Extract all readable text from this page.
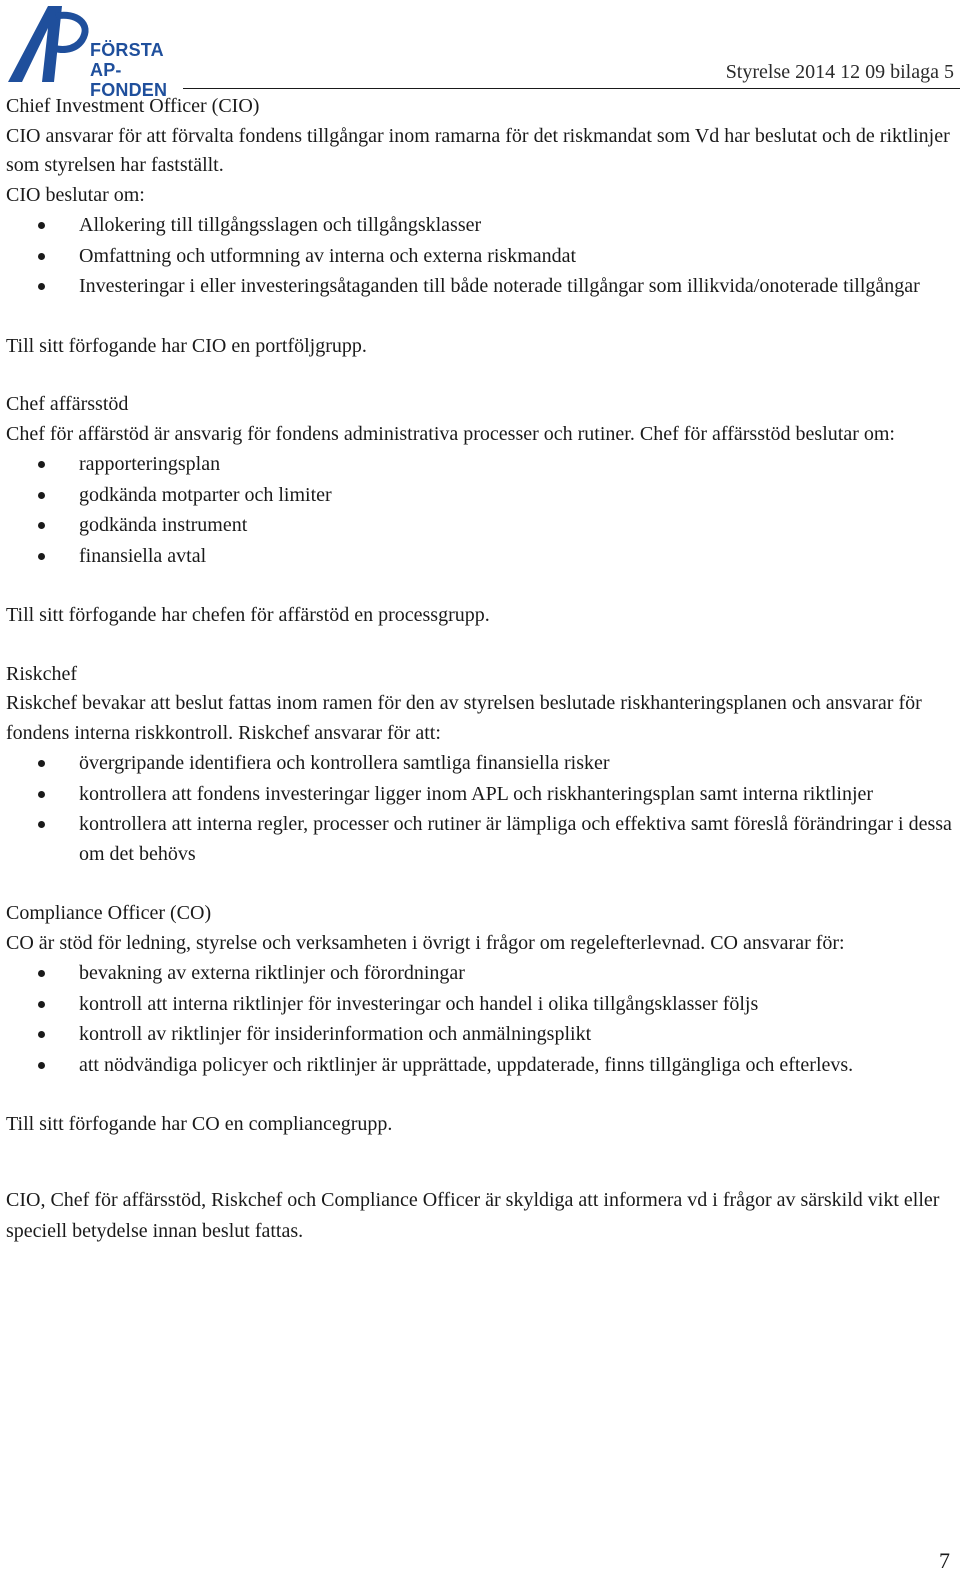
FÖRSTA
AP-FONDEN
Styrelse 2014 12 09 bilaga 5

Chief Investment Officer (CIO)

CIO ansvarar för att förvalta fondens tillgångar inom ramarna för det riskmandat som Vd har beslutat och de riktlinjer som styrelsen har fastställt.

CIO beslutar om:

Allokering till tillgångsslagen och tillgångsklasser
Omfattning och utformning av interna och externa riskmandat
Investeringar i eller investeringsåtaganden till både noterade tillgångar som illikvida/onoterade tillgångar

Till sitt förfogande har CIO en portföljgrupp.

Chef affärsstöd

Chef för affärstöd är ansvarig för fondens administrativa processer och rutiner. Chef för affärsstöd beslutar om:

rapporteringsplan
godkända motparter och limiter
godkända instrument
finansiella avtal

Till sitt förfogande har chefen för affärstöd en processgrupp.

Riskchef

Riskchef bevakar att beslut fattas inom ramen för den av styrelsen beslutade riskhanteringsplanen och ansvarar för fondens interna riskkontroll. Riskchef ansvarar för att:

övergripande identifiera och kontrollera samtliga finansiella risker
kontrollera att fondens investeringar ligger inom APL och riskhanteringsplan samt interna riktlinjer
kontrollera att interna regler, processer och rutiner är lämpliga och effektiva samt föreslå förändringar i dessa om det behövs

Compliance Officer (CO)

CO är stöd för ledning, styrelse och verksamheten i övrigt i frågor om regelefterlevnad. CO ansvarar för:

bevakning av externa riktlinjer och förordningar
kontroll att interna riktlinjer för investeringar och handel i olika tillgångsklasser följs
kontroll av riktlinjer för insiderinformation och anmälningsplikt
att nödvändiga policyer och riktlinjer är upprättade, uppdaterade, finns tillgängliga och efterlevs.

Till sitt förfogande har CO en compliancegrupp.

CIO, Chef för affärsstöd, Riskchef och Compliance Officer är skyldiga att informera vd i frågor av särskild vikt eller speciell betydelse innan beslut fattas.

7
